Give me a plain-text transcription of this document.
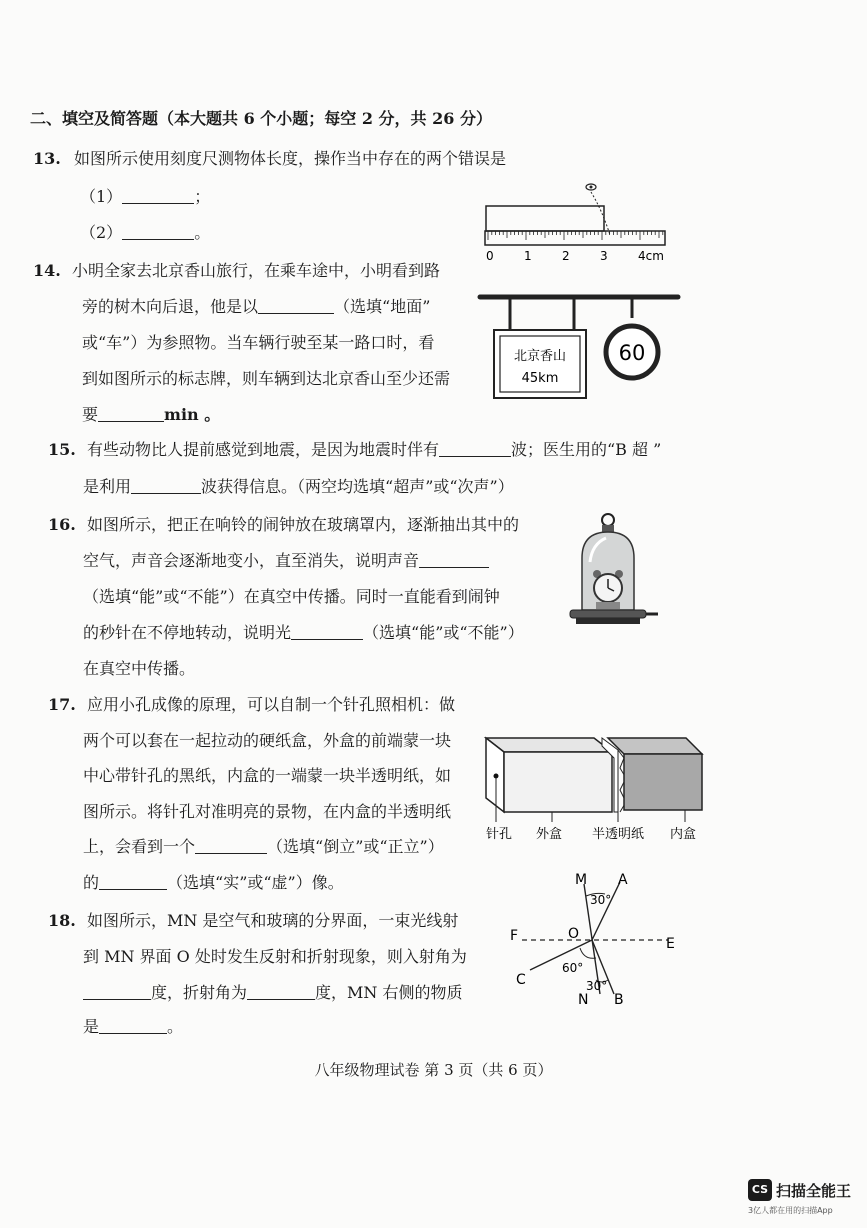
二、填空及简答题（本大题共 6 个小题；每空 2 分，共 26 分）
13. 如图所示使用刻度尺测物体长度，操作当中存在的两个错误是
（1）	；
（2）	。
0	1	2	3	4cm
14. 小明全家去北京香山旅行，在乘车途中，小明看到路
旁的树木向后退，他是以	（选填“地面”
或“车”）为参照物。当车辆行驶至某一路口时，看
到如图所示的标志牌，则车辆到达北京香山至少还需
要	min 。
北京香山
45km
60
15. 有些动物比人提前感觉到地震，是因为地震时伴有	波；医生用的“B 超 ”
是利用	波获得信息。（两空均选填“超声”或“次声”）
16. 如图所示，把正在响铃的闹钟放在玻璃罩内，逐渐抽出其中的
空气，声音会逐渐地变小，直至消失，说明声音
（选填“能”或“不能”）在真空中传播。同时一直能看到闹钟
的秒针在不停地转动，说明光	（选填“能”或“不能”）
在真空中传播。
17. 应用小孔成像的原理，可以自制一个针孔照相机：做
两个可以套在一起拉动的硬纸盒，外盒的前端蒙一块
中心带针孔的黑纸，内盒的一端蒙一块半透明纸，如
图所示。将针孔对准明亮的景物，在内盒的半透明纸
上，会看到一个	（选填“倒立”或“正立”）
的	（选填“实”或“虚”）像。
针孔 外盒 半透明纸 内盒
18. 如图所示，MN 是空气和玻璃的分界面，一束光线射
到 MN 界面 O 处时发生反射和折射现象，则入射角为
度，折射角为	度，MN 右侧的物质
是	。
M A
F	O
E
C
N B
30°
60°
30°
八年级物理试卷 第 3 页（共 6 页）
CS 扫描全能王
3亿人都在用的扫描App
